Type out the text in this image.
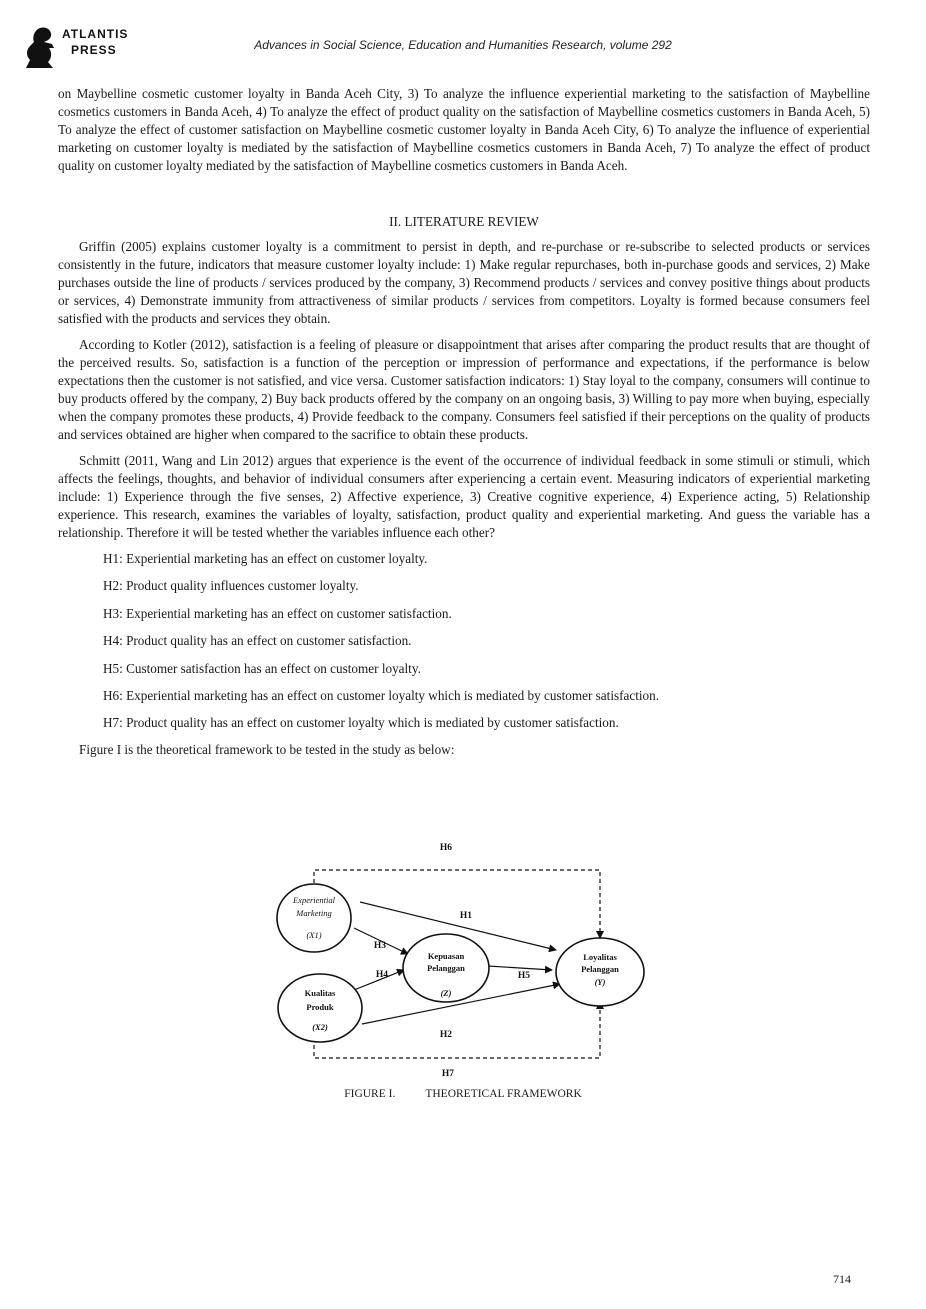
ATLANTIS
PRESS	Advances in Social Science, Education and Humanities Research, volume 292

on Maybelline cosmetic customer loyalty in Banda Aceh City, 3) To analyze the influence experiential marketing to the satisfaction of Maybelline cosmetics customers in Banda Aceh, 4) To analyze the effect of product quality on the satisfaction of Maybelline cosmetics customers in Banda Aceh, 5) To analyze the effect of customer satisfaction on Maybelline cosmetic customer loyalty in Banda Aceh City, 6) To analyze the influence of experiential marketing on customer loyalty is mediated by the satisfaction of Maybelline cosmetics customers in Banda Aceh, 7) To analyze the effect of product quality on customer loyalty mediated by the satisfaction of Maybelline cosmetics customers in Banda Aceh.

II. LITERATURE REVIEW

Griffin (2005) explains customer loyalty is a commitment to persist in depth, and re-purchase or re-subscribe to selected products or services consistently in the future, indicators that measure customer loyalty include: 1) Make regular repurchases, both in-purchase goods and services, 2) Make purchases outside the line of products / services produced by the company, 3) Recommend products / services and convey positive things about products or services, 4) Demonstrate immunity from attractiveness of similar products / services from competitors. Loyalty is formed because consumers feel satisfied with the products and services they obtain.

According to Kotler (2012), satisfaction is a feeling of pleasure or disappointment that arises after comparing the product results that are thought of the perceived results. So, satisfaction is a function of the perception or impression of performance and expectations, if the performance is below expectations then the customer is not satisfied, and vice versa. Customer satisfaction indicators: 1) Stay loyal to the company, consumers will continue to buy products offered by the company, 2) Buy back products offered by the company on an ongoing basis, 3) Willing to pay more when buying, especially when the company promotes these products, 4) Provide feedback to the company. Consumers feel satisfied if their perceptions on the quality of products and services obtained are higher when compared to the sacrifice to obtain these products.

Schmitt (2011, Wang and Lin 2012) argues that experience is the event of the occurrence of individual feedback in some stimuli or stimuli, which affects the feelings, thoughts, and behavior of individual consumers after experiencing a certain event. Measuring indicators of experiential marketing include: 1) Experience through the five senses, 2) Affective experience, 3) Creative cognitive experience, 4) Experience acting, 5) Relationship experience. This research, examines the variables of loyalty, satisfaction, product quality and experiential marketing. And guess the variable has a relationship. Therefore it will be tested whether the variables influence each other?

H1: Experiential marketing has an effect on customer loyalty.

H2: Product quality influences customer loyalty.

H3: Experiential marketing has an effect on customer satisfaction.

H4: Product quality has an effect on customer satisfaction.

H5: Customer satisfaction has an effect on customer loyalty.

H6: Experiential marketing has an effect on customer loyalty which is mediated by customer satisfaction.

H7: Product quality has an effect on customer loyalty which is mediated by customer satisfaction.

Figure I is the theoretical framework to be tested in the study as below:

Experiential
Marketing
(X1)
Kualitas
Produk
(X2)
Kepuasan
Pelanggan
(Z)
Loyalitas
Pelanggan
(Y)
H6
H1
H3
H4	H5
H2
H7
FIGURE I.	THEORETICAL FRAMEWORK
714
